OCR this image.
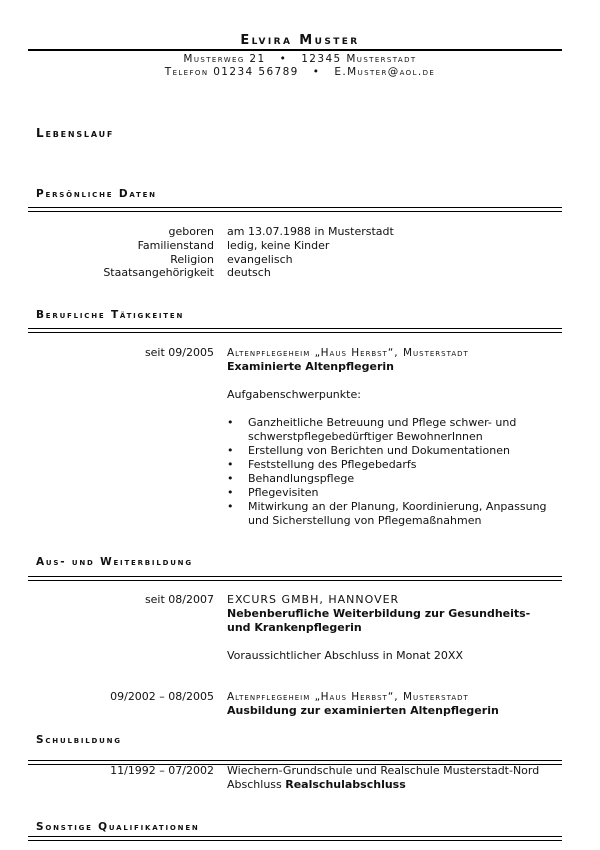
Elvira Muster
Musterweg 21 • 12345 Musterstadt
Telefon 01234 56789 • E.Muster@aol.de
Lebenslauf
Persönliche Daten
geboren am 13.07.1988 in Musterstadt
Familienstand ledig, keine Kinder
Religion evangelisch
Staatsangehörigkeit deutsch
Berufliche Tätigkeiten
seit 09/2005 Altenpflegeheim „Haus Herbst“, Musterstadt
Examinierte Altenpflegerin
Aufgabenschwerpunkte:
• Ganzheitliche Betreuung und Pflege schwer- und schwerstpflegebedürftiger BewohnerInnen
• Erstellung von Berichten und Dokumentationen
• Feststellung des Pflegebedarfs
• Behandlungspflege
• Pflegevisiten
• Mitwirkung an der Planung, Koordinierung, Anpassung und Sicherstellung von Pflegemaßnahmen
Aus- und Weiterbildung
seit 08/2007 EXCURS GMBH, HANNOVER
Nebenberufliche Weiterbildung zur Gesundheits- und Krankenpflegerin
Voraussichtlicher Abschluss in Monat 20XX
09/2002 – 08/2005 Altenpflegeheim „Haus Herbst“, Musterstadt
Ausbildung zur examinierten Altenpflegerin
Schulbildung
11/1992 – 07/2002 Wiechern-Grundschule und Realschule Musterstadt-Nord
Abschluss Realschulabschluss
Sonstige Qualifikationen
